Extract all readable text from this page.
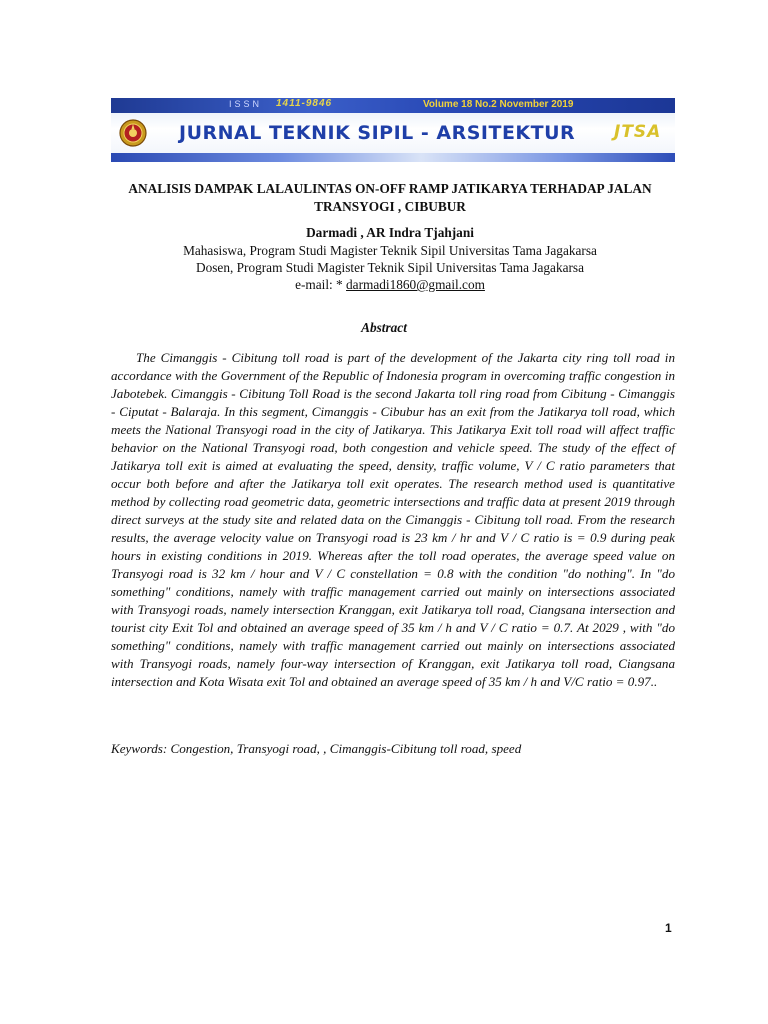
ISSN 1411-9846	Volume 18 No.2 November 2019
JURNAL TEKNIK SIPIL - ARSITEKTUR JTSA

ANALISIS DAMPAK LALAULINTAS ON-OFF RAMP JATIKARYA TERHADAP JALAN TRANSYOGI , CIBUBUR

Darmadi , AR Indra Tjahjani

Mahasiswa, Program Studi Magister Teknik Sipil Universitas Tama Jagakarsa

Dosen, Program Studi Magister Teknik Sipil Universitas Tama Jagakarsa

e-mail: * darmadi1860@gmail.com

Abstract

The Cimanggis - Cibitung toll road is part of the development of the Jakarta city ring toll road in accordance with the Government of the Republic of Indonesia program in overcoming traffic congestion in Jabotebek. Cimanggis - Cibitung Toll Road is the second Jakarta toll ring road from Cibitung - Cimanggis - Ciputat - Balaraja. In this segment, Cimanggis - Cibubur has an exit from the Jatikarya toll road, which meets the National Transyogi road in the city of Jatikarya. This Jatikarya Exit toll road will affect traffic behavior on the National Transyogi road, both congestion and vehicle speed. The study of the effect of Jatikarya toll exit is aimed at evaluating the speed, density, traffic volume, V / C ratio parameters that occur both before and after the Jatikarya toll exit operates. The research method used is quantitative method by collecting road geometric data, geometric intersections and traffic data at present 2019 through direct surveys at the study site and related data on the Cimanggis - Cibitung toll road. From the research results, the average velocity value on Transyogi road is 23 km / hr and V / C ratio is = 0.9 during peak hours in existing conditions in 2019. Whereas after the toll road operates, the average speed value on Transyogi road is 32 km / hour and V / C constellation = 0.8 with the condition "do nothing". In "do something" conditions, namely with traffic management carried out mainly on intersections associated with Transyogi roads, namely intersection Kranggan, exit Jatikarya toll road, Ciangsana intersection and tourist city Exit Tol and obtained an average speed of 35 km / h and V / C ratio = 0.7. At 2029 , with "do something" conditions, namely with traffic management carried out mainly on intersections associated with Transyogi roads, namely four-way intersection of Kranggan, exit Jatikarya toll road, Ciangsana intersection and Kota Wisata exit Tol and obtained an average speed of 35 km / h and V/C ratio = 0.97..

Keywords: Congestion, Transyogi road, , Cimanggis-Cibitung toll road, speed

1
